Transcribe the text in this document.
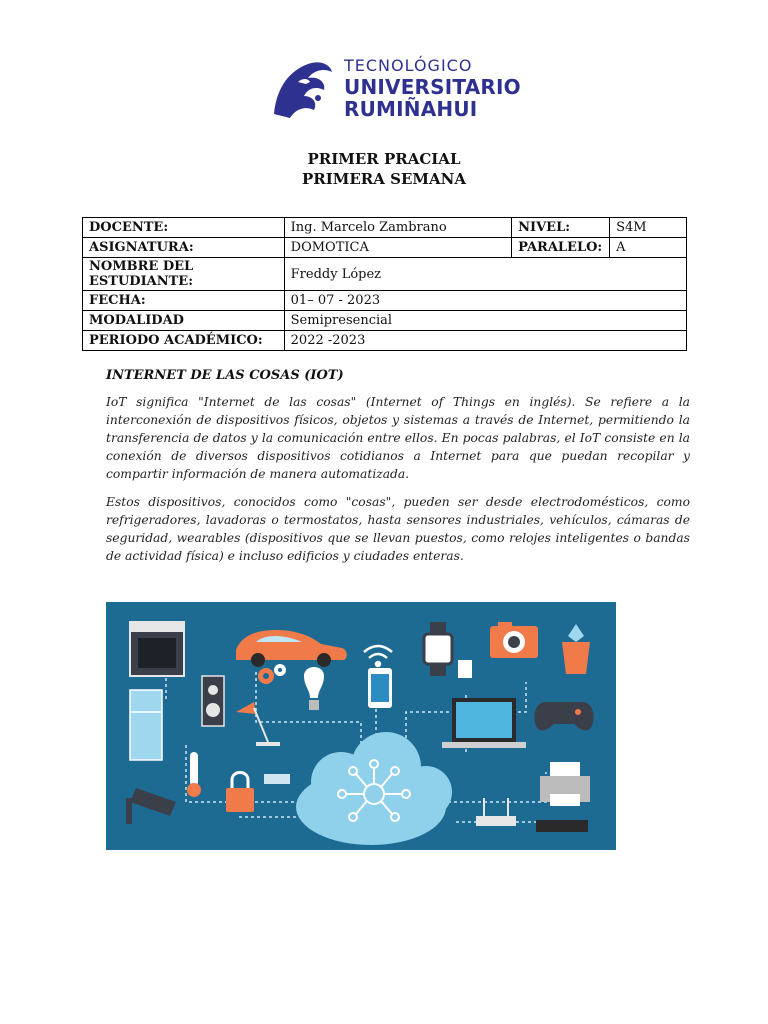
TECNOLÓGICO
UNIVERSITARIO
RUMIÑAHUI
PRIMER PRACIAL
PRIMERA SEMANA
DOCENTE:	Ing. Marcelo Zambrano	NIVEL:	S4M
ASIGNATURA:	DOMOTICA	PARALELO:	A
NOMBRE DEL ESTUDIANTE:	Freddy López		
FECHA:	01– 07 - 2023		
MODALIDAD	Semipresencial		
PERIODO ACADÉMICO:	2022 -2023		
INTERNET DE LAS COSAS (IOT)

IoT significa "Internet de las cosas" (Internet of Things en inglés). Se refiere a la interconexión de dispositivos físicos, objetos y sistemas a través de Internet, permitiendo la transferencia de datos y la comunicación entre ellos. En pocas palabras, el IoT consiste en la conexión de diversos dispositivos cotidianos a Internet para que puedan recopilar y compartir información de manera automatizada.

Estos dispositivos, conocidos como "cosas", pueden ser desde electrodomésticos, como refrigeradores, lavadoras o termostatos, hasta sensores industriales, vehículos, cámaras de seguridad, wearables (dispositivos que se llevan puestos, como relojes inteligentes o bandas de actividad física) e incluso edificios y ciudades enteras.
